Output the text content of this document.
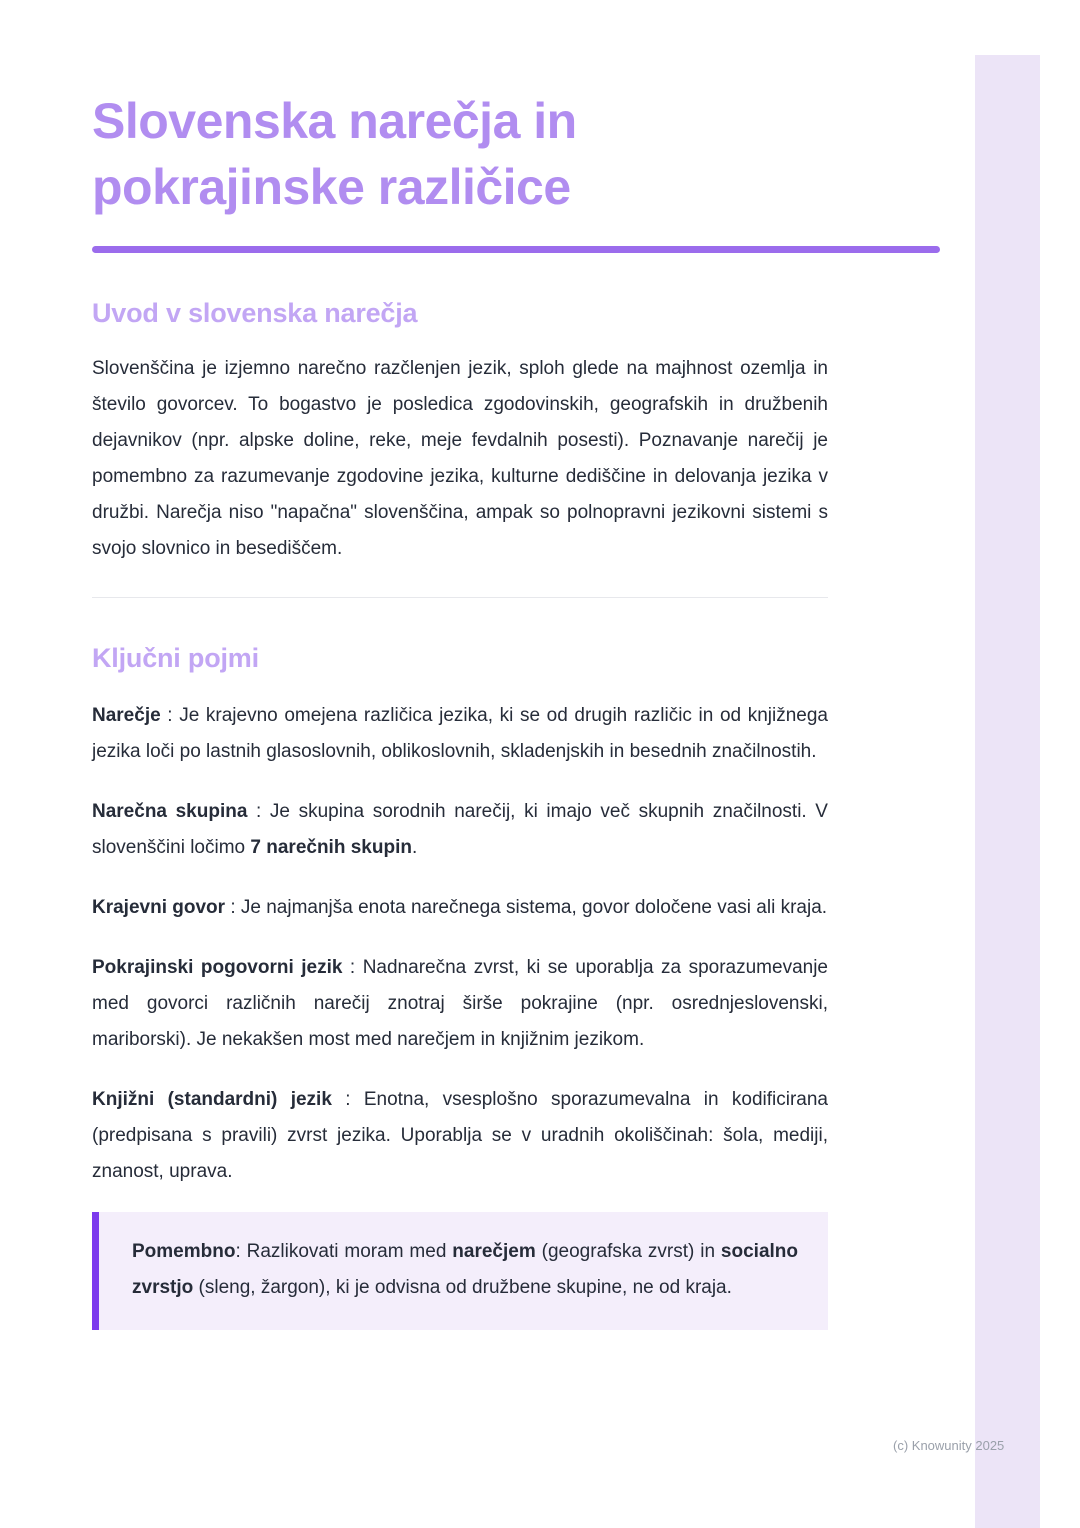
Slovenska narečja in
pokrajinske različice
Uvod v slovenska narečja

Slovenščina je izjemno narečno razčlenjen jezik, sploh glede na majhnost ozemlja in število govorcev. To bogastvo je posledica zgodovinskih, geografskih in družbenih dejavnikov (npr. alpske doline, reke, meje fevdalnih posesti). Poznavanje narečij je pomembno za razumevanje zgodovine jezika, kulturne dediščine in delovanja jezika v družbi. Narečja niso "napačna" slovenščina, ampak so polnopravni jezikovni sistemi s svojo slovnico in besediščem.

Ključni pojmi

Narečje : Je krajevno omejena različica jezika, ki se od drugih različic in od knjižnega jezika loči po lastnih glasoslovnih, oblikoslovnih, skladenjskih in besednih značilnostih.

Narečna skupina : Je skupina sorodnih narečij, ki imajo več skupnih značilnosti. V slovenščini ločimo 7 narečnih skupin.

Krajevni govor : Je najmanjša enota narečnega sistema, govor določene vasi ali kraja.

Pokrajinski pogovorni jezik : Nadnarečna zvrst, ki se uporablja za sporazumevanje med govorci različnih narečij znotraj širše pokrajine (npr. osrednjeslovenski, mariborski). Je nekakšen most med narečjem in knjižnim jezikom.

Knjižni (standardni) jezik : Enotna, vsesplošno sporazumevalna in kodificirana (predpisana s pravili) zvrst jezika. Uporablja se v uradnih okoliščinah: šola, mediji, znanost, uprava.

Pomembno: Razlikovati moram med narečjem (geografska zvrst) in socialno zvrstjo (sleng, žargon), ki je odvisna od družbene skupine, ne od kraja.

(c) Knowunity 2025
